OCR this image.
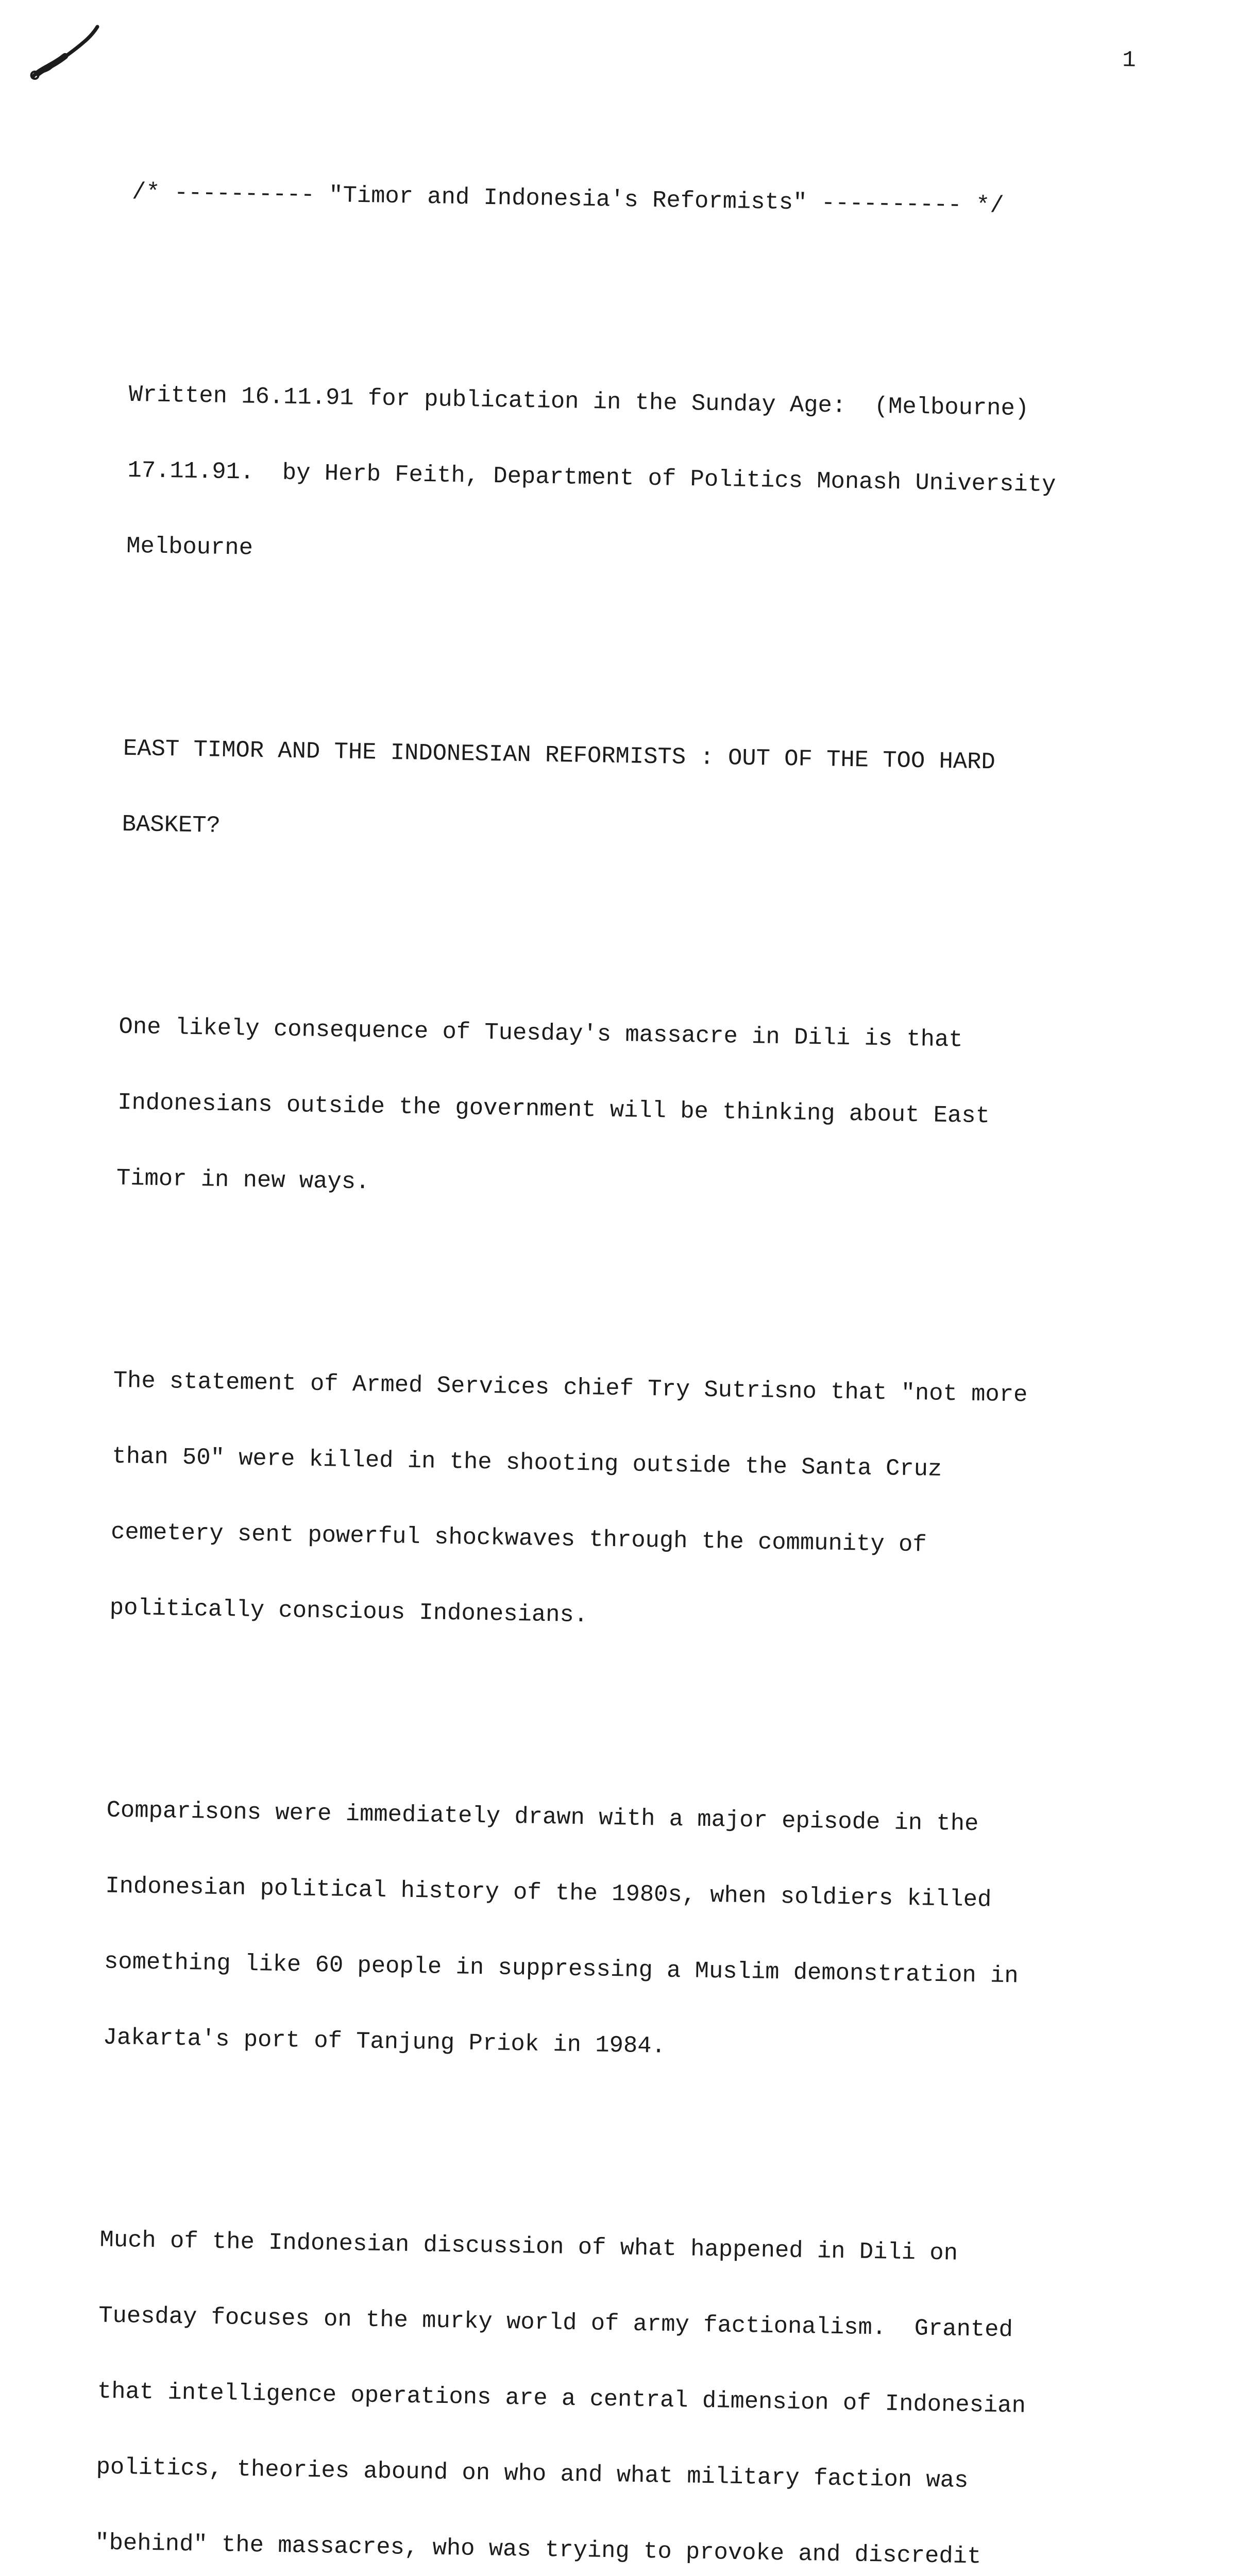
1

/* ---------- "Timor and Indonesia's Reformists" ---------- */

Written 16.11.91 for publication in the Sunday Age:  (Melbourne)

17.11.91.  by Herb Feith, Department of Politics Monash University

Melbourne

EAST TIMOR AND THE INDONESIAN REFORMISTS : OUT OF THE TOO HARD

BASKET?

One likely consequence of Tuesday's massacre in Dili is that

Indonesians outside the government will be thinking about East

Timor in new ways.

The statement of Armed Services chief Try Sutrisno that "not more

than 50" were killed in the shooting outside the Santa Cruz

cemetery sent powerful shockwaves through the community of

politically conscious Indonesians.

Comparisons were immediately drawn with a major episode in the

Indonesian political history of the 1980s, when soldiers killed

something like 60 people in suppressing a Muslim demonstration in

Jakarta's port of Tanjung Priok in 1984.

Much of the Indonesian discussion of what happened in Dili on

Tuesday focuses on the murky world of army factionalism.  Granted

that intelligence operations are a central dimension of Indonesian

politics, theories abound on who and what military faction was

"behind" the massacres, who was trying to provoke and discredit
